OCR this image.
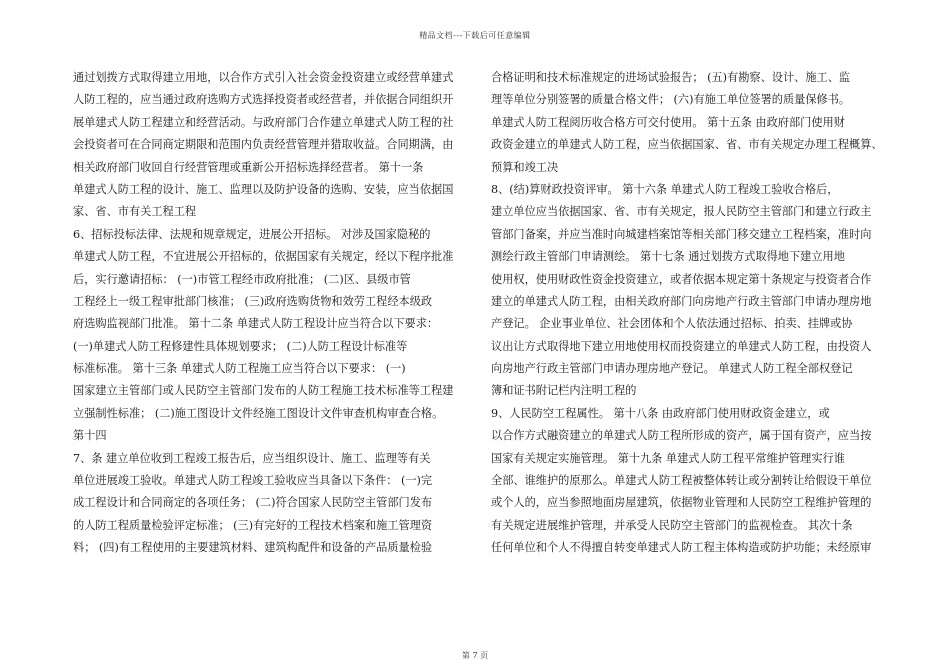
精品文档---下载后可任意编辑
通过划拨方式取得建立用地，以合作方式引入社会资金投资建立或经营单建式
人防工程的，应当通过政府选购方式选择投资者或经营者，并依据合同组织开
展单建式人防工程建立和经营活动。与政府部门合作建立单建式人防工程的社
会投资者可在合同商定期限和范围内负责经营管理并猎取收益。合同期满，由
相关政府部门收回自行经营管理或重新公开招标选择经营者。 第十一条
单建式人防工程的设计、施工、监理以及防护设备的选购、安装，应当依据国
家、省、市有关工程工程
6、招标投标法律、法规和规章规定，进展公开招标。 对涉及国家隐秘的
单建式人防工程，不宜进展公开招标的，依据国家有关规定，经以下程序批准
后，实行邀请招标： (一)市管工程经市政府批准； (二)区、县级市管
工程经上一级工程审批部门核准； (三)政府选购货物和效劳工程经本级政
府选购监视部门批准。 第十二条 单建式人防工程设计应当符合以下要求：
(一)单建式人防工程修建性具体规划要求； (二)人防工程设计标准等
标准标准。 第十三条 单建式人防工程施工应当符合以下要求： (一)
国家建立主管部门或人民防空主管部门发布的人防工程施工技术标准等工程建
立强制性标准； (二)施工图设计文件经施工图设计文件审查机构审查合格。
第十四
7、条 建立单位收到工程竣工报告后，应当组织设计、施工、监理等有关
单位进展竣工验收。单建式人防工程竣工验收应当具备以下条件： (一)完
成工程设计和合同商定的各项任务； (二)符合国家人民防空主管部门发布
的人防工程质量检验评定标准； (三)有完好的工程技术档案和施工管理资
料； (四)有工程使用的主要建筑材料、建筑构配件和设备的产品质量检验
合格证明和技术标准规定的进场试验报告； (五)有勘察、设计、施工、监
理等单位分别签署的质量合格文件； (六)有施工单位签署的质量保修书。
单建式人防工程阅历收合格方可交付使用。 第十五条 由政府部门使用财
政资金建立的单建式人防工程，应当依据国家、省、市有关规定办理工程概算、
预算和竣工决
8、(结)算财政投资评审。 第十六条 单建式人防工程竣工验收合格后，
建立单位应当依据国家、省、市有关规定，报人民防空主管部门和建立行政主
管部门备案，并应当准时向城建档案馆等相关部门移交建立工程档案，准时向
测绘行政主管部门申请测绘。 第十七条 通过划拨方式取得地下建立用地
使用权，使用财政性资金投资建立，或者依据本规定第十条规定与投资者合作
建立的单建式人防工程，由相关政府部门向房地产行政主管部门申请办理房地
产登记。 企业事业单位、社会团体和个人依法通过招标、拍卖、挂牌或协
议出让方式取得地下建立用地使用权而投资建立的单建式人防工程，由投资人
向房地产行政主管部门申请办理房地产登记。 单建式人防工程全部权登记
簿和证书附记栏内注明工程的
9、人民防空工程属性。 第十八条 由政府部门使用财政资金建立，或
以合作方式融资建立的单建式人防工程所形成的资产，属于国有资产，应当按
国家有关规定实施管理。 第十九条 单建式人防工程平常维护管理实行谁
全部、谁维护的原那么。单建式人防工程被整体转让或分割转让给假设干单位
或个人的，应当参照地面房屋建筑，依据物业管理和人民防空工程维护管理的
有关规定进展维护管理，并承受人民防空主管部门的监视检查。 其次十条
任何单位和个人不得擅自转变单建式人防工程主体构造或防护功能；未经原审
第 7 页
